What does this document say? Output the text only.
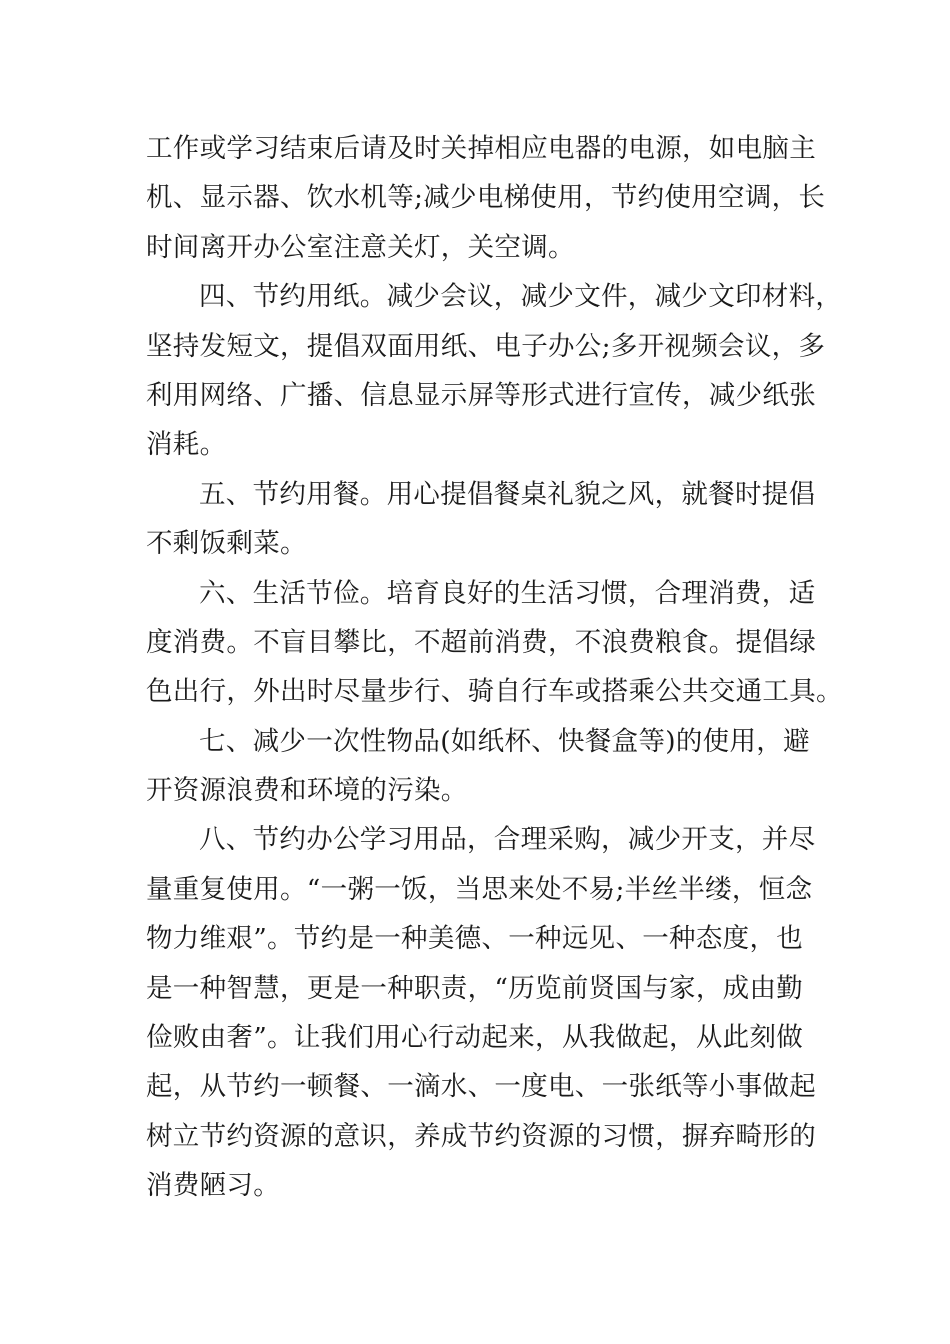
工作或学习结束后请及时关掉相应电器的电源，如电脑主
机、显示器、饮水机等;减少电梯使用，节约使用空调，长
时间离开办公室注意关灯，关空调。

四、节约用纸。减少会议，减少文件，减少文印材料，
坚持发短文，提倡双面用纸、电子办公;多开视频会议，多
利用网络、广播、信息显示屏等形式进行宣传，减少纸张
消耗。

五、节约用餐。用心提倡餐桌礼貌之风，就餐时提倡
不剩饭剩菜。

六、生活节俭。培育良好的生活习惯，合理消费，适
度消费。不盲目攀比，不超前消费，不浪费粮食。提倡绿
色出行，外出时尽量步行、骑自行车或搭乘公共交通工具。

七、减少一次性物品(如纸杯、快餐盒等)的使用，避
开资源浪费和环境的污染。

八、节约办公学习用品，合理采购，减少开支，并尽
量重复使用。“一粥一饭，当思来处不易;半丝半缕，恒念
物力维艰”。节约是一种美德、一种远见、一种态度，也
是一种智慧，更是一种职责，“历览前贤国与家，成由勤
俭败由奢”。让我们用心行动起来，从我做起，从此刻做
起，从节约一顿餐、一滴水、一度电、一张纸等小事做起
树立节约资源的意识，养成节约资源的习惯，摒弃畸形的
消费陋习。
